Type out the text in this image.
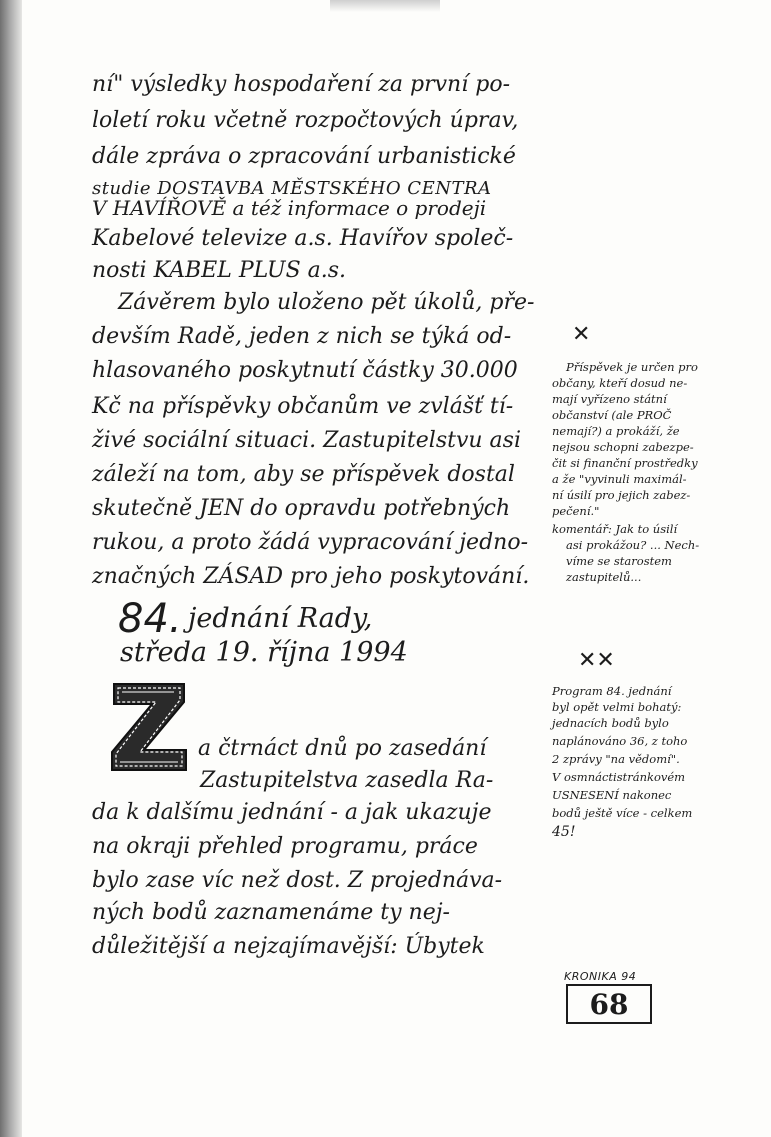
ní" výsledky hospodaření za první po-
loletí roku včetně rozpočtových úprav,
dále zpráva o zpracování urbanistické
studie DOSTAVBA MĚSTSKÉHO CENTRA
V HAVÍŘOVĚ a též informace o prodeji
Kabelové televize a.s. Havířov společ-
nosti KABEL PLUS a.s.
Závěrem bylo uloženo pět úkolů, pře-
devším Radě, jeden z nich se týká od-
hlasovaného poskytnutí částky 30.000
Kč na příspěvky občanům ve zvlášť tí-
živé sociální situaci. Zastupitelstvu asi
záleží na tom, aby se příspěvek dostal
skutečně JEN do opravdu potřebných
rukou, a proto žádá vypracování jedno-
značných ZÁSAD pro jeho poskytování.
84. jednání Rady,
středa 19. října 1994
Z a čtrnáct dnů po zasedání
Zastupitelstva zasedla Ra-
da k dalšímu jednání - a jak ukazuje
na okraji přehled programu, práce
bylo zase víc než dost. Z projednáva-
ných bodů zaznamenáme ty nej-
důležitější a nejzajímavější: Úbytek
✕
Příspěvek je určen pro
občany, kteří dosud ne-
mají vyřízeno státní
občanství (ale PROČ
nemají?) a prokáží, že
nejsou schopni zabezpe-
čit si finanční prostředky
a že "vyvinuli maximál-
ní úsilí pro jejich zabez-
pečení."
komentář: Jak to úsilí
asi prokážou? ... Nech-
víme se starostem
zastupitelů...
✕✕
Program 84. jednání
byl opět velmi bohatý:
jednacích bodů bylo
naplánováno 36, z toho
2 zprávy "na vědomí".
V osmnáctistránkovém
USNESENÍ nakonec
bodů ještě více - celkem
45!
KRONIKA 94
68
